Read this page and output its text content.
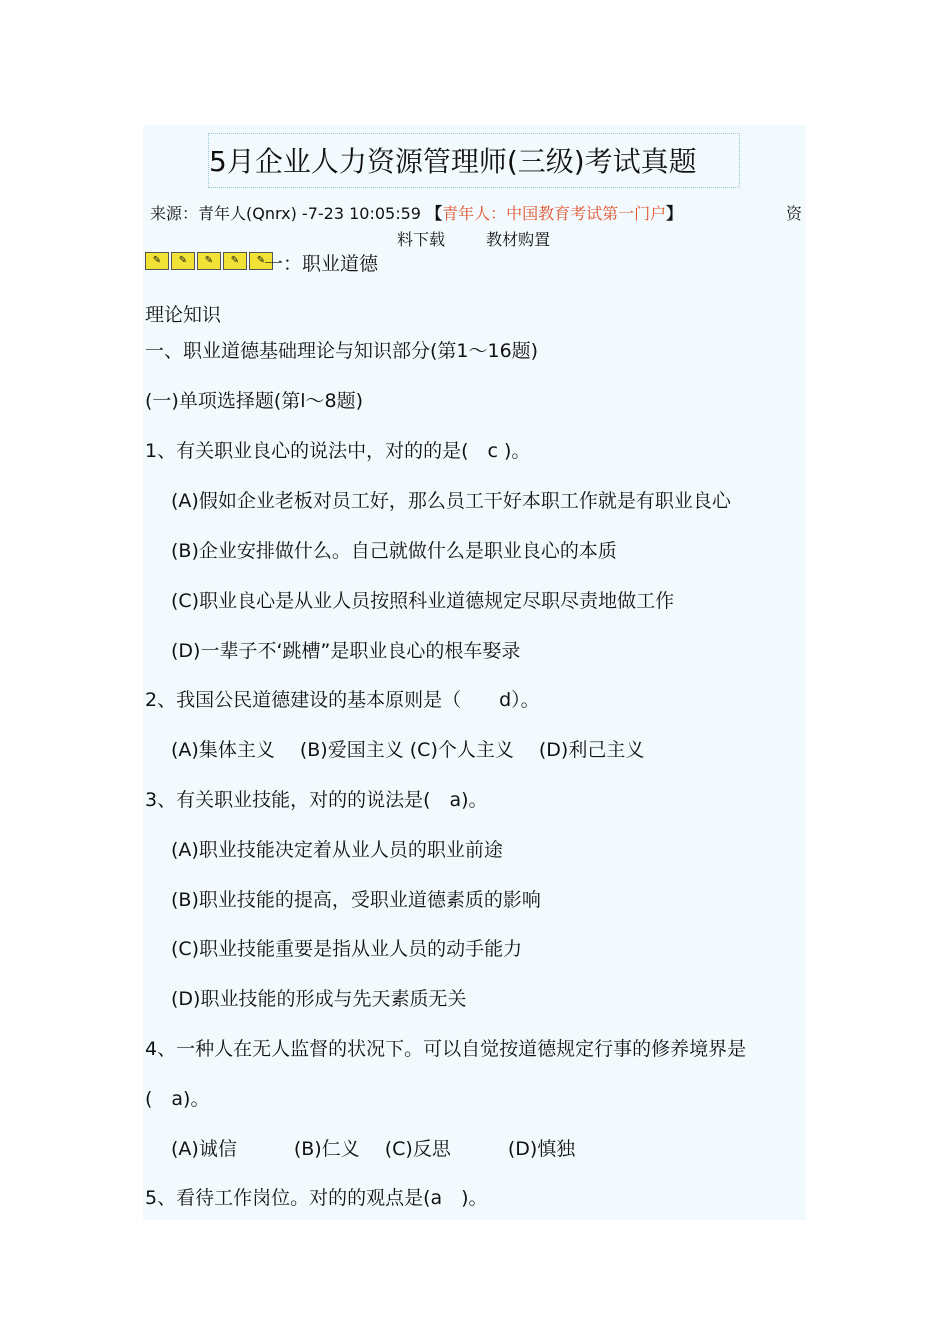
5月企业人力资源管理师(三级)考试真题
来源：青年人(Qnrx) -7-23 10:05:59 【青年人：中国教育考试第一门户】	资
料下载	教材购置
✎	✎	✎	✎	✎
一：职业道德
理论知识
一、职业道德基础理论与知识部分(第1～16题)
(一)单项选择题(第l～8题)
1、有关职业良心的说法中，对的的是(　c )。
(A)假如企业老板对员工好，那么员工干好本职工作就是有职业良心
(B)企业安排做什么。自己就做什么是职业良心的本质
(C)职业良心是从业人员按照科业道德规定尽职尽责地做工作
(D)一辈子不‘跳槽”是职业良心的根车娶录
2、我国公民道德建设的基本原则是（　　d）。
(A)集体主义　 (B)爱国主义 (C)个人主义　 (D)利己主义
3、有关职业技能，对的的说法是(　a)。
(A)职业技能决定着从业人员的职业前途
(B)职业技能的提高，受职业道德素质的影响
(C)职业技能重要是指从业人员的动手能力
(D)职业技能的形成与先天素质无关
4、一种人在无人监督的状况下。可以自觉按道德规定行事的修养境界是
(　a)。
(A)诚信　　　(B)仁义　 (C)反思　　　(D)慎独
5、看待工作岗位。对的的观点是(a　)。
